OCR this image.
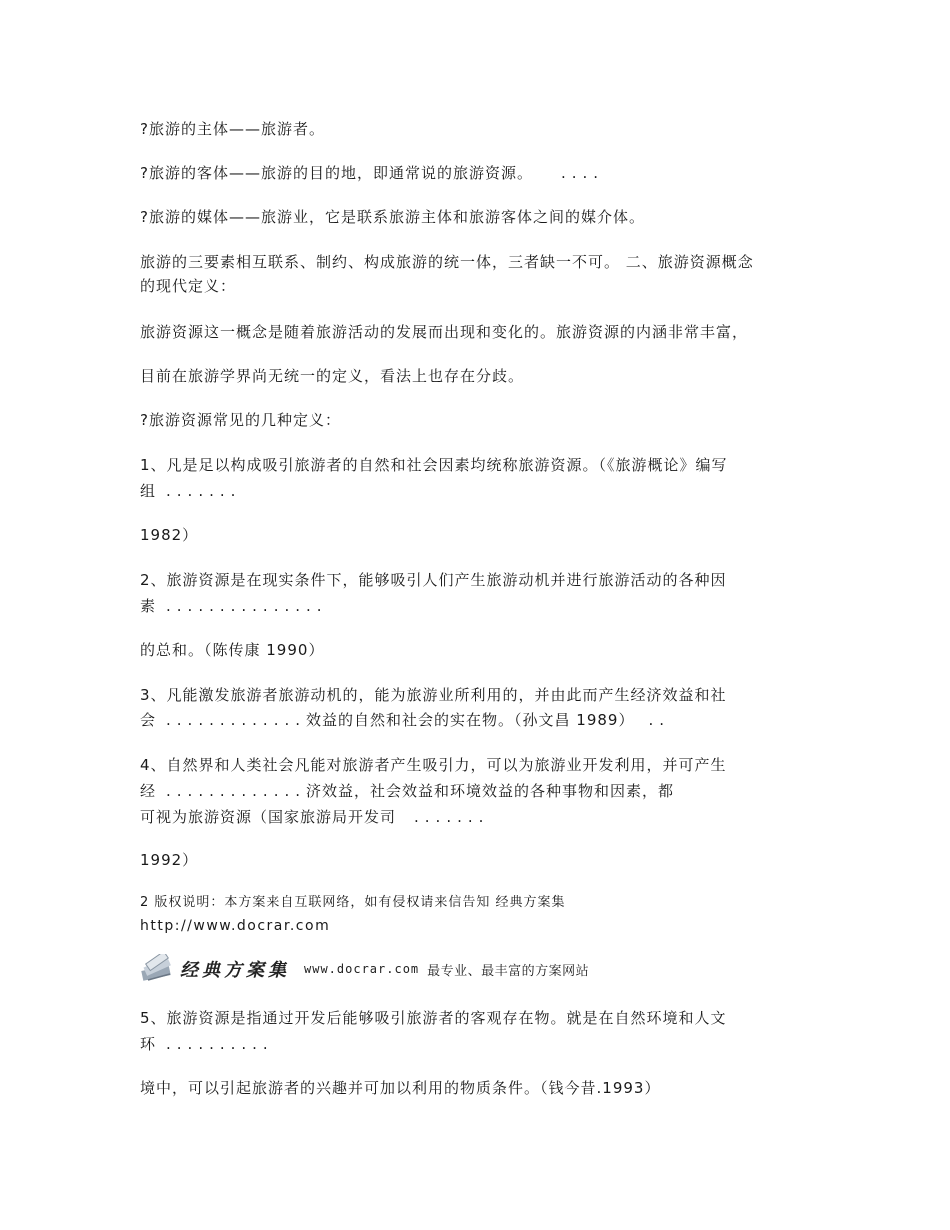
?旅游的主体——旅游者。
?旅游的客体——旅游的目的地，即通常说的旅游资源。 ....
?旅游的媒体——旅游业，它是联系旅游主体和旅游客体之间的媒介体。
旅游的三要素相互联系、制约、构成旅游的统一体，三者缺一不可。 二、旅游资源概念
的现代定义：
旅游资源这一概念是随着旅游活动的发展而出现和变化的。旅游资源的内涵非常丰富，
目前在旅游学界尚无统一的定义，看法上也存在分歧。
?旅游资源常见的几种定义：
1、凡是足以构成吸引旅游者的自然和社会因素均统称旅游资源。（《旅游概论》编写
组 .......
1982）
2、旅游资源是在现实条件下，能够吸引人们产生旅游动机并进行旅游活动的各种因
素 ...............
的总和。（陈传康 1990）
3、凡能激发旅游者旅游动机的，能为旅游业所利用的，并由此而产生经济效益和社
会 .............效益的自然和社会的实在物。（孙文昌 1989） ..
4、自然界和人类社会凡能对旅游者产生吸引力，可以为旅游业开发利用，并可产生
经 .............济效益，社会效益和环境效益的各种事物和因素，都
可视为旅游资源（国家旅游局开发司 .......
1992）
2 版权说明：本方案来自互联网络，如有侵权请来信告知 经典方案集
http://www.docrar.com
经典方案集 www.docrar.com 最专业、最丰富的方案网站
5、旅游资源是指通过开发后能够吸引旅游者的客观存在物。就是在自然环境和人文
环 ..........
境中，可以引起旅游者的兴趣并可加以利用的物质条件。（钱今昔.1993）
